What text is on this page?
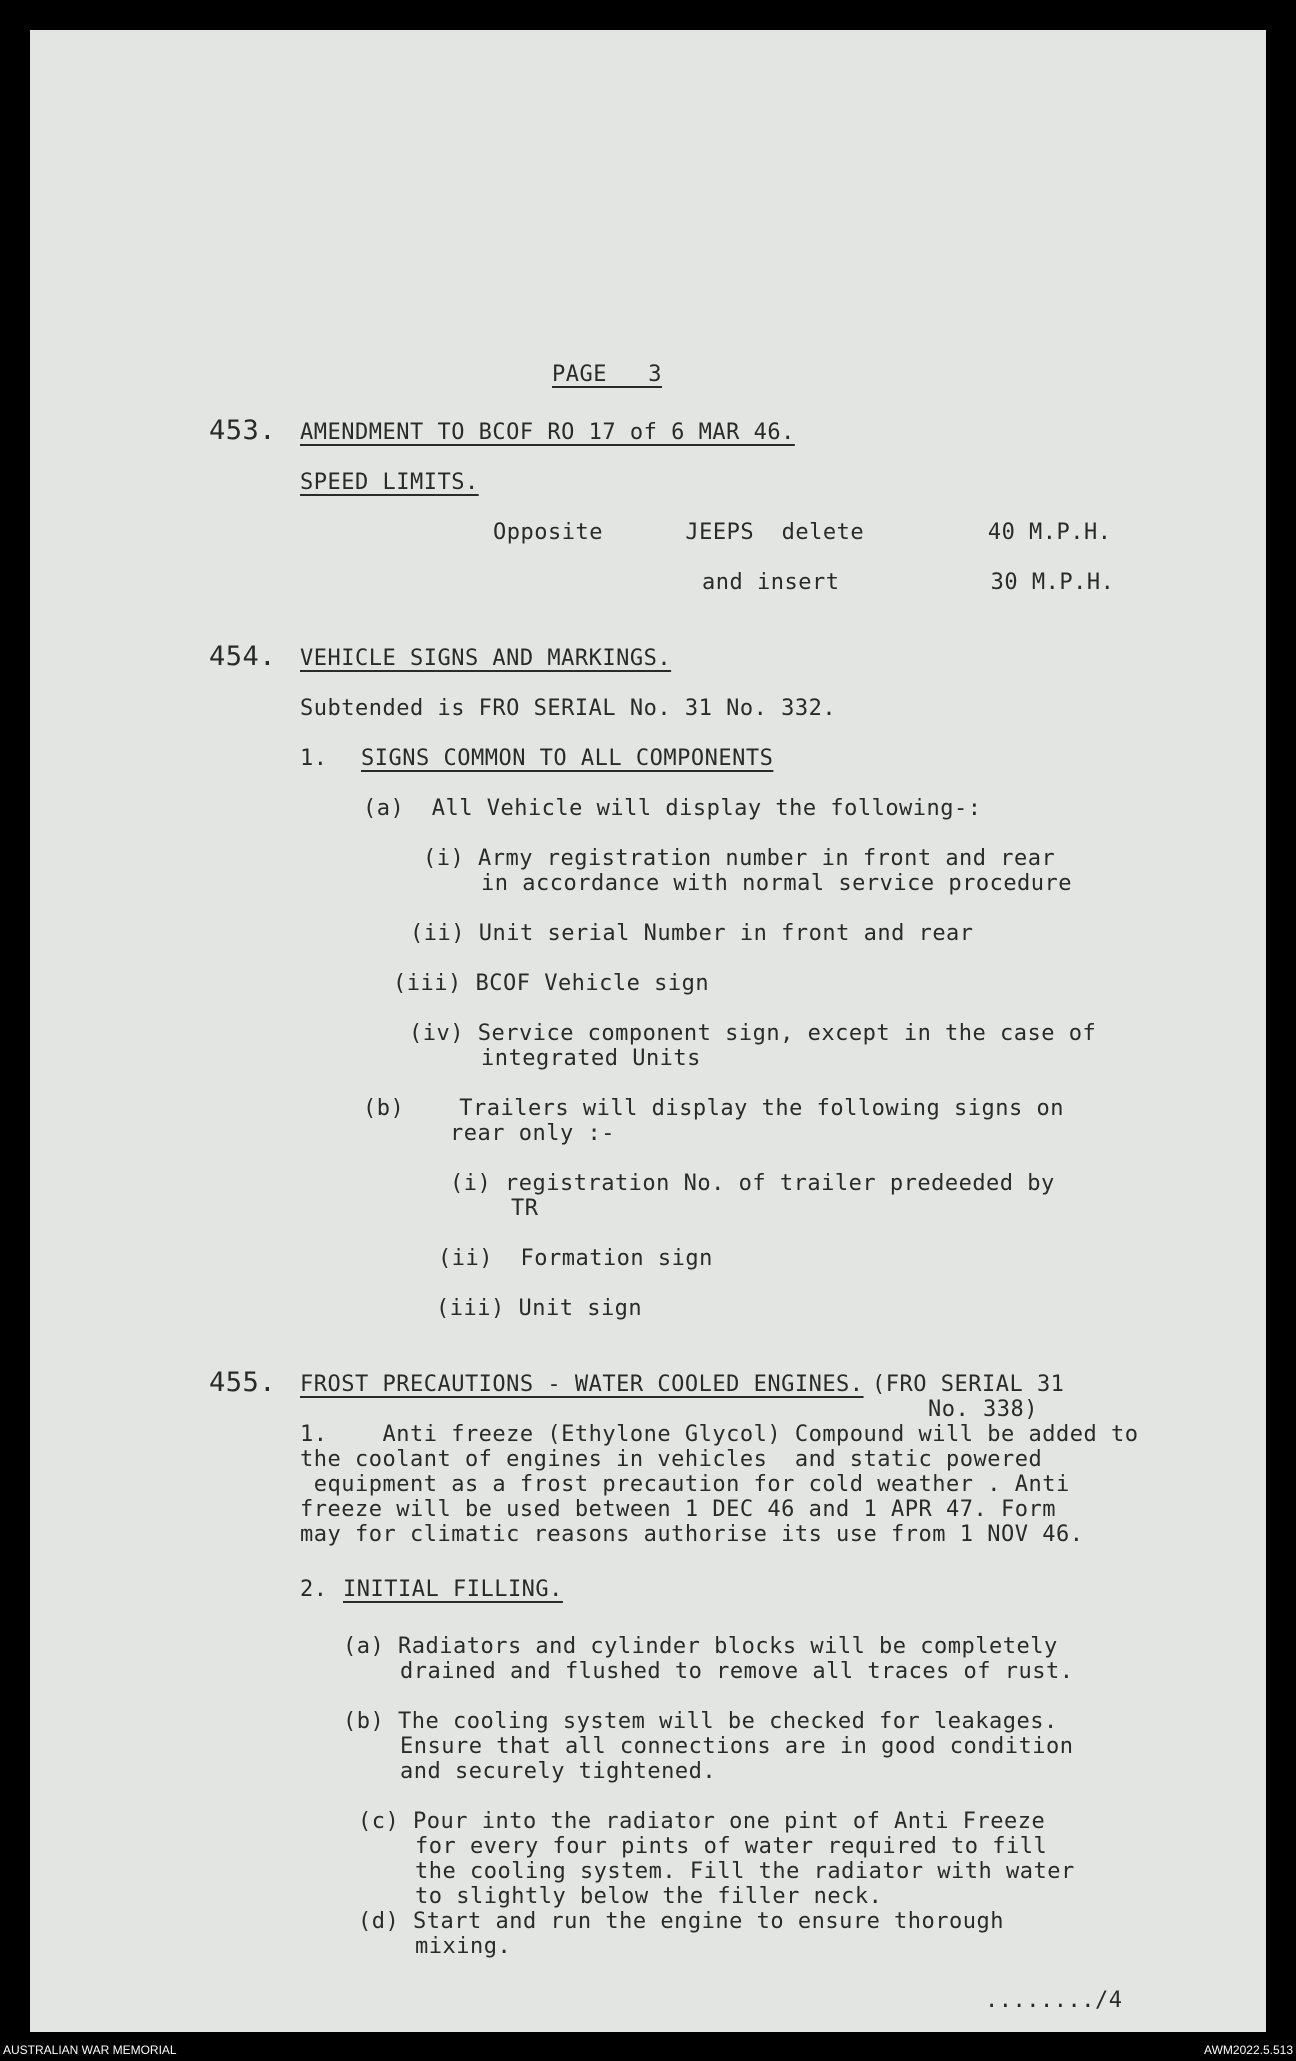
PAGE   3
453. AMENDMENT TO BCOF RO 17 of 6 MAR 46.
SPEED LIMITS.
Opposite      JEEPS  delete         40 M.P.H.
and insert           30 M.P.H.
454. VEHICLE SIGNS AND MARKINGS.
Subtended is FRO SERIAL No. 31 No. 332.
1. SIGNS COMMON TO ALL COMPONENTS
(a)  All Vehicle will display the following-:
(i) Army registration number in front and rear
in accordance with normal service procedure
(ii) Unit serial Number in front and rear
(iii) BCOF Vehicle sign
(iv) Service component sign, except in the case of
integrated Units
(b)    Trailers will display the following signs on
rear only :-
(i) registration No. of trailer predeeded by
TR
(ii)  Formation sign
(iii) Unit sign
455. FROST PRECAUTIONS - WATER COOLED ENGINES. (FRO SERIAL 31
No. 338)
1.    Anti freeze (Ethylone Glycol) Compound will be added to
the coolant of engines in vehicles  and static powered
equipment as a frost precaution for cold weather . Anti
freeze will be used between 1 DEC 46 and 1 APR 47. Form
may for climatic reasons authorise its use from 1 NOV 46.
2. INITIAL FILLING.
(a) Radiators and cylinder blocks will be completely
drained and flushed to remove all traces of rust.
(b) The cooling system will be checked for leakages.
Ensure that all connections are in good condition
and securely tightened.
(c) Pour into the radiator one pint of Anti Freeze
for every four pints of water required to fill
the cooling system. Fill the radiator with water
to slightly below the filler neck.
(d) Start and run the engine to ensure thorough
mixing.
......../4
AUSTRALIAN WAR MEMORIAL	AWM2022.5.513
